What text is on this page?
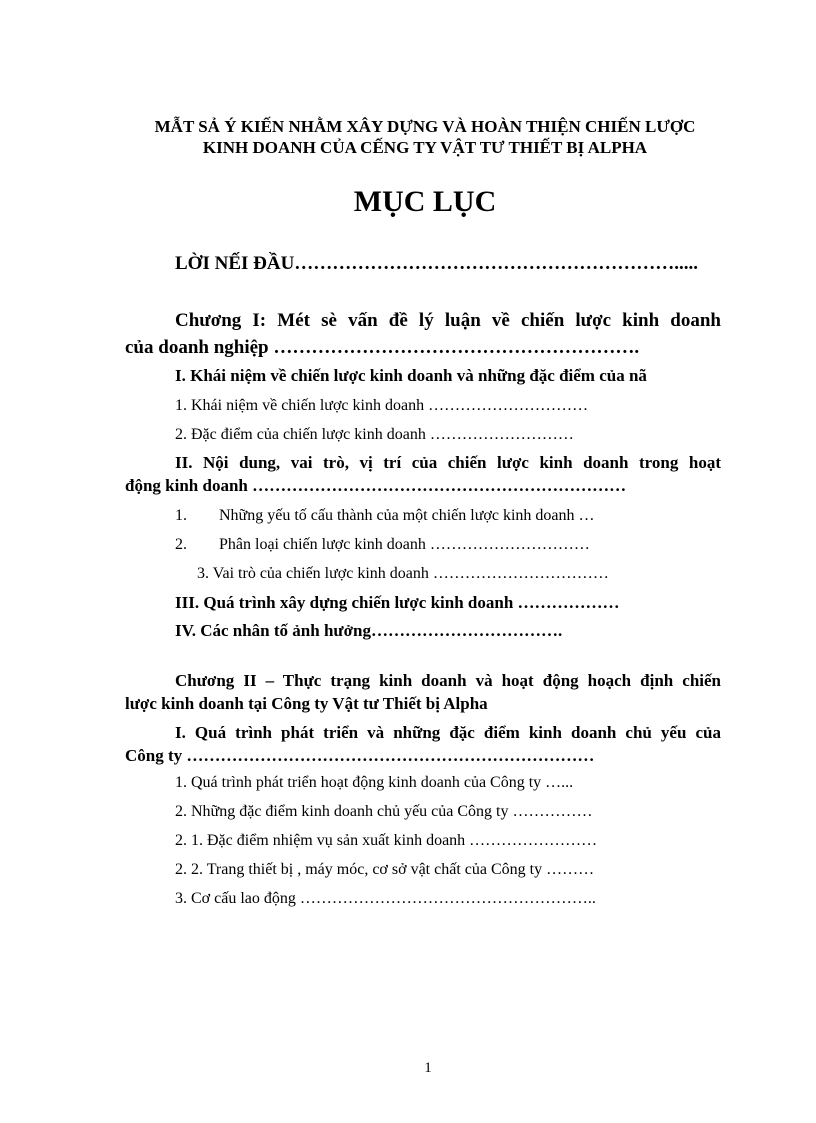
MẪT SẢ Ý KIẾN NHẰM XÂY DỰNG VÀ HOÀN THIỆN CHIẾN LƯỢC
KINH DOANH CỦA CẾNG TY VẬT TƯ THIẾT BỊ ALPHA
MỤC LỤC
LỜI NẾI ĐẦU…………………………………………………….....
Chương I: Mét sè vấn đề lý luận về chiến lược kinh doanh
của doanh nghiệp ………………………………………………….
I. Khái niệm về chiến lược kinh doanh và những đặc điểm của nã
1. Khái niệm về chiến lược kinh doanh …………………………
2. Đặc điểm của chiến lược kinh doanh ………………………
II. Nội dung, vai trò, vị trí của chiến lược kinh doanh trong hoạt
động kinh doanh …………………………………………………………
1. Những yếu tố cấu thành của một chiến lược kinh doanh …
2. Phân loại chiến lược kinh doanh …………………………
3. Vai trò của chiến lược kinh doanh ……………………………
III. Quá trình xây dựng chiến lược kinh doanh ………………
IV. Các nhân tố ảnh hưởng…………………………….
Chương II – Thực trạng kinh doanh và hoạt động hoạch định chiến
lược kinh doanh tại Công ty Vật tư Thiết bị Alpha
I. Quá trình phát triển và những đặc điểm kinh doanh chủ yếu của
Công ty ………………………………………………………………
1. Quá trình phát triển hoạt động kinh doanh của Công ty …...
2. Những đặc điểm kinh doanh chủ yếu của Công ty ……………
2. 1. Đặc điểm nhiệm vụ sản xuất kinh doanh ……………………
2. 2. Trang thiết bị , máy móc, cơ sở vật chất của Công ty ………
3. Cơ cấu lao động ………………………………………………..
1
